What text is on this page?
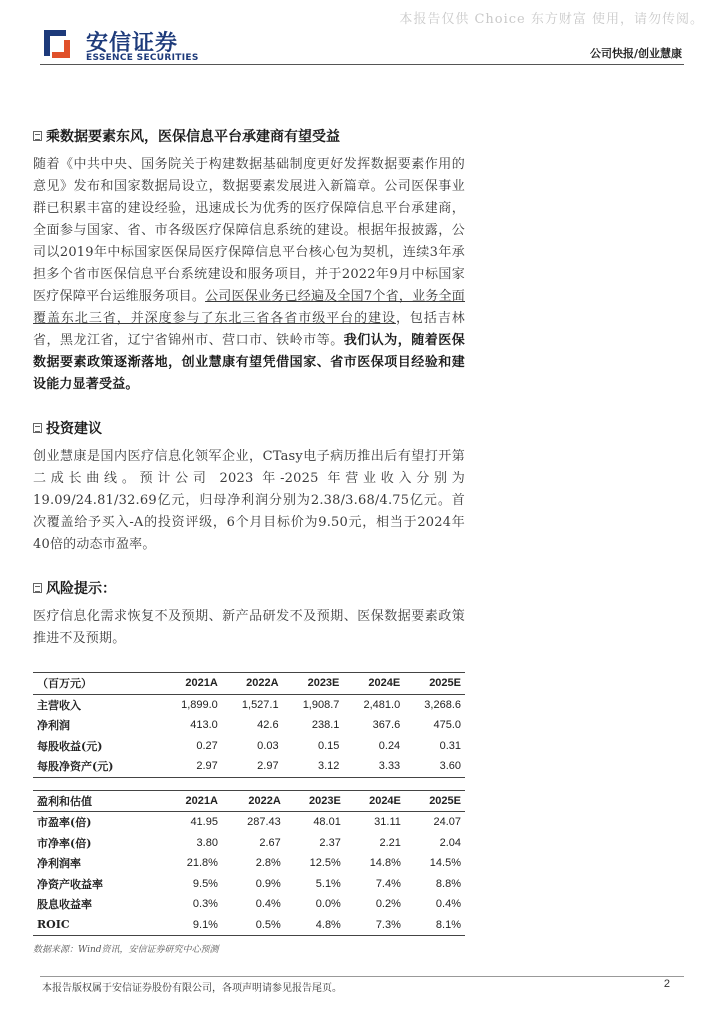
本报告仅供 Choice 东方财富 使用，请勿传阅。
安信证券
ESSENCE SECURITIES	公司快报/创业慧康
乘数据要素东风，医保信息平台承建商有望受益
随着《中共中央、国务院关于构建数据基础制度更好发挥数据要素作用的意见》发布和国家数据局设立，数据要素发展进入新篇章。公司医保事业群已积累丰富的建设经验，迅速成长为优秀的医疗保障信息平台承建商，全面参与国家、省、市各级医疗保障信息系统的建设。根据年报披露，公司以2019年中标国家医保局医疗保障信息平台核心包为契机，连续3年承担多个省市医保信息平台系统建设和服务项目，并于2022年9月中标国家医疗保障平台运维服务项目。公司医保业务已经遍及全国7个省，业务全面覆盖东北三省，并深度参与了东北三省各省市级平台的建设，包括吉林省，黑龙江省，辽宁省锦州市、营口市、铁岭市等。我们认为，随着医保数据要素政策逐渐落地，创业慧康有望凭借国家、省市医保项目经验和建设能力显著受益。
投资建议
创业慧康是国内医疗信息化领军企业，CTasy电子病历推出后有望打开第二成长曲线。预计公司 2023 年-2025 年营业收入分别为19.09/24.81/32.69亿元，归母净利润分别为2.38/3.68/4.75亿元。首次覆盖给予买入-A的投资评级，6个月目标价为9.50元，相当于2024年40倍的动态市盈率。
风险提示：
医疗信息化需求恢复不及预期、新产品研发不及预期、医保数据要素政策推进不及预期。
（百万元）	2021A	2022A	2023E	2024E	2025E
主营收入	1,899.0	1,527.1	1,908.7	2,481.0	3,268.6
净利润	413.0	42.6	238.1	367.6	475.0
每股收益(元)	0.27	0.03	0.15	0.24	0.31
每股净资产(元)	2.97	2.97	3.12	3.33	3.60
盈利和估值	2021A	2022A	2023E	2024E	2025E
市盈率(倍)	41.95	287.43	48.01	31.11	24.07
市净率(倍)	3.80	2.67	2.37	2.21	2.04
净利润率	21.8%	2.8%	12.5%	14.8%	14.5%
净资产收益率	9.5%	0.9%	5.1%	7.4%	8.8%
股息收益率	0.3%	0.4%	0.0%	0.2%	0.4%
ROIC	9.1%	0.5%	4.8%	7.3%	8.1%
数据来源：Wind资讯，安信证券研究中心预测
本报告版权属于安信证券股份有限公司，各项声明请参见报告尾页。	2
